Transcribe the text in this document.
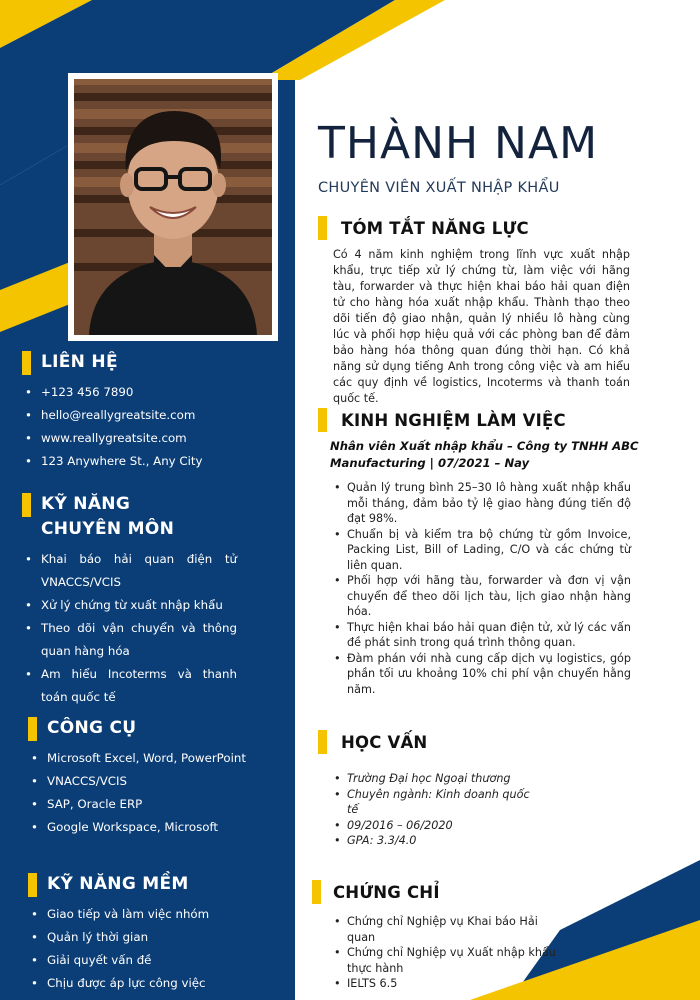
LIÊN HỆ
• +123 456 7890
• hello@reallygreatsite.com
• www.reallygreatsite.com
• 123 Anywhere St., Any City
KỸ NĂNG
CHUYÊN MÔN
• Khai báo hải quan điện tử VNACCS/VCIS
• Xử lý chứng từ xuất nhập khẩu
• Theo dõi vận chuyển và thông quan hàng hóa
• Am hiểu Incoterms và thanh toán quốc tế
CÔNG CỤ
• Microsoft Excel, Word, PowerPoint
• VNACCS/VCIS
• SAP, Oracle ERP
• Google Workspace, Microsoft
KỸ NĂNG MỀM
• Giao tiếp và làm việc nhóm
• Quản lý thời gian
• Giải quyết vấn đề
• Chịu được áp lực công việc
THÀNH NAM
CHUYÊN VIÊN XUẤT NHẬP KHẨU
TÓM TẮT NĂNG LỰC

Có 4 năm kinh nghiệm trong lĩnh vực xuất nhập khẩu, trực tiếp xử lý chứng từ, làm việc với hãng tàu, forwarder và thực hiện khai báo hải quan điện tử cho hàng hóa xuất nhập khẩu. Thành thạo theo dõi tiến độ giao nhận, quản lý nhiều lô hàng cùng lúc và phối hợp hiệu quả với các phòng ban để đảm bảo hàng hóa thông quan đúng thời hạn. Có khả năng sử dụng tiếng Anh trong công việc và am hiểu các quy định về logistics, Incoterms và thanh toán quốc tế.

KINH NGHIỆM LÀM VIỆC
Nhân viên Xuất nhập khẩu – Công ty TNHH ABC Manufacturing | 07/2021 – Nay
• Quản lý trung bình 25–30 lô hàng xuất nhập khẩu mỗi tháng, đảm bảo tỷ lệ giao hàng đúng tiến độ đạt 98%.
• Chuẩn bị và kiểm tra bộ chứng từ gồm Invoice, Packing List, Bill of Lading, C/O và các chứng từ liên quan.
• Phối hợp với hãng tàu, forwarder và đơn vị vận chuyển để theo dõi lịch tàu, lịch giao nhận hàng hóa.
• Thực hiện khai báo hải quan điện tử, xử lý các vấn đề phát sinh trong quá trình thông quan.
• Đàm phán với nhà cung cấp dịch vụ logistics, góp phần tối ưu khoảng 10% chi phí vận chuyển hằng năm.
HỌC VẤN
• Trường Đại học Ngoại thương
• Chuyên ngành: Kinh doanh quốc tế
• 09/2016 – 06/2020
• GPA: 3.3/4.0
CHỨNG CHỈ
• Chứng chỉ Nghiệp vụ Khai báo Hải quan
• Chứng chỉ Nghiệp vụ Xuất nhập khẩu thực hành
• IELTS 6.5
